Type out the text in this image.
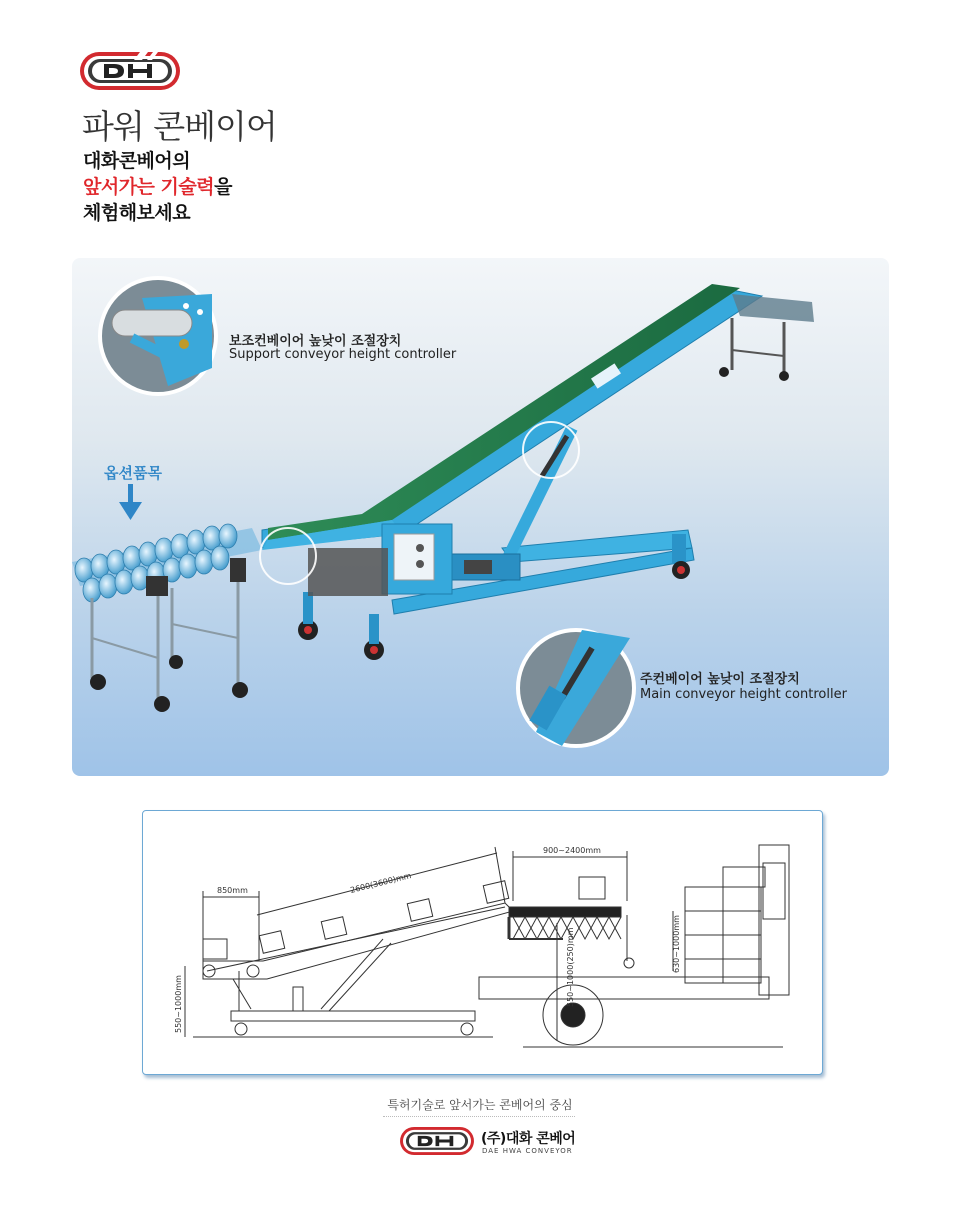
파워 콘베이어
대화콘베어의
앞서가는 기술력을
체험해보세요
보조컨베이어 높낮이 조절장치
Support conveyor height controller
주컨베이어 높낮이 조절장치
Main conveyor height controller
옵션품목
850mm	2600(3600)mm
900~2400mm
550~1000mm	550~1000(250)mm	630~1000mm
특허기술로 앞서가는 콘베어의 중심
(주)대화 콘베어
DAE HWA CONVEYOR
